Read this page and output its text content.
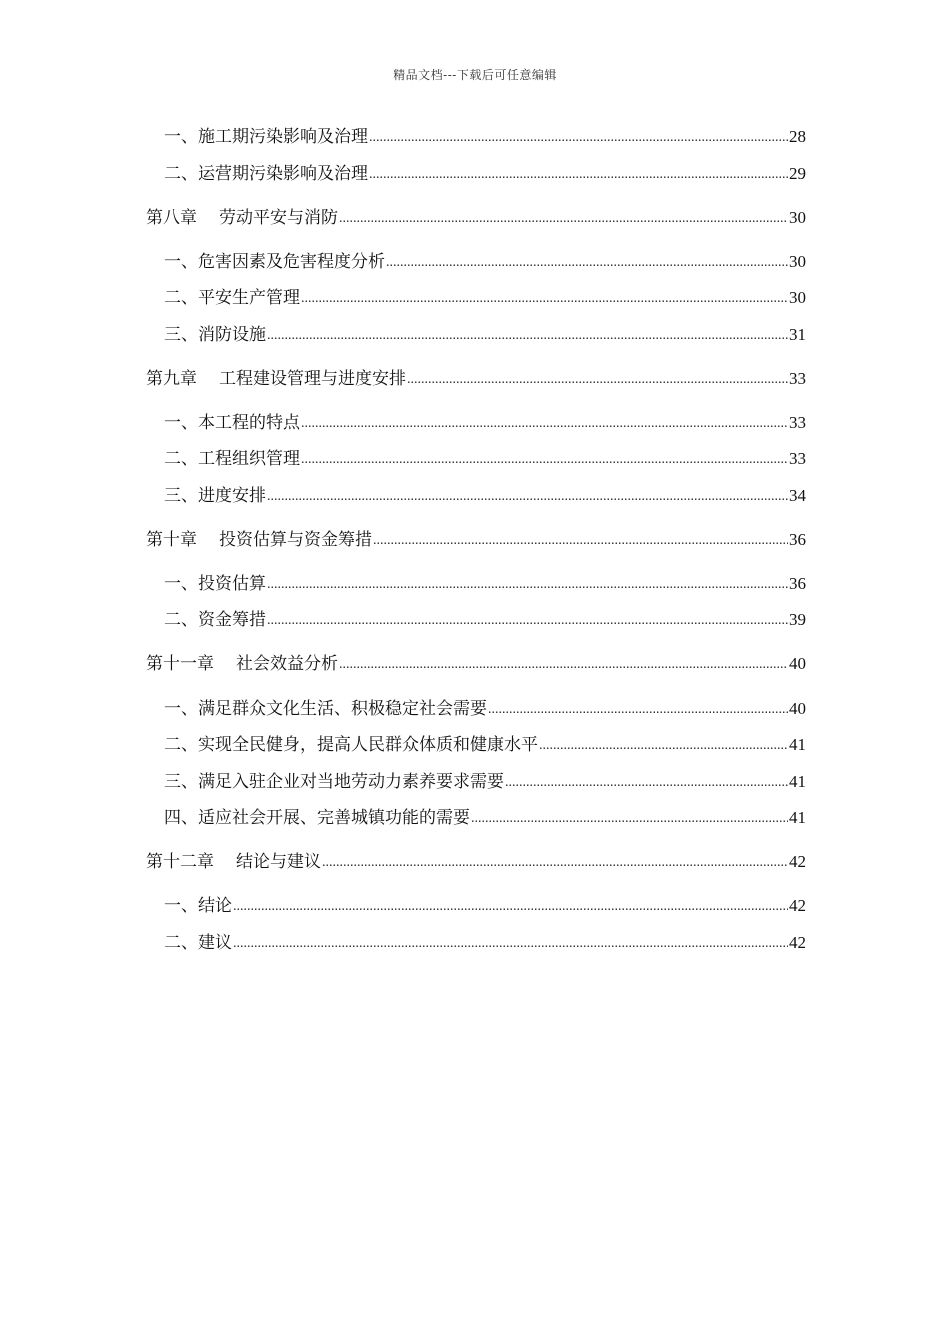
精品文档---下载后可任意编辑
一、施工期污染影响及治理 .....	28
二、运营期污染影响及治理 .....	29
第八章 劳动平安与消防 .....	30
一、危害因素及危害程度分析 .....	30
二、平安生产管理 .....	30
三、消防设施 .....	31
第九章 工程建设管理与进度安排 .....	33
一、本工程的特点 .....	33
二、工程组织管理 .....	33
三、进度安排 .....	34
第十章 投资估算与资金筹措 .....	36
一、投资估算 .....	36
二、资金筹措 .....	39
第十一章 社会效益分析 .....	40
一、满足群众文化生活、积极稳定社会需要 .....	40
二、实现全民健身，提高人民群众体质和健康水平 .....	41
三、满足入驻企业对当地劳动力素养要求需要 .....	41
四、适应社会开展、完善城镇功能的需要 .....	41
第十二章 结论与建议 .....	42
一、结论 .....	42
二、建议 .....	42
